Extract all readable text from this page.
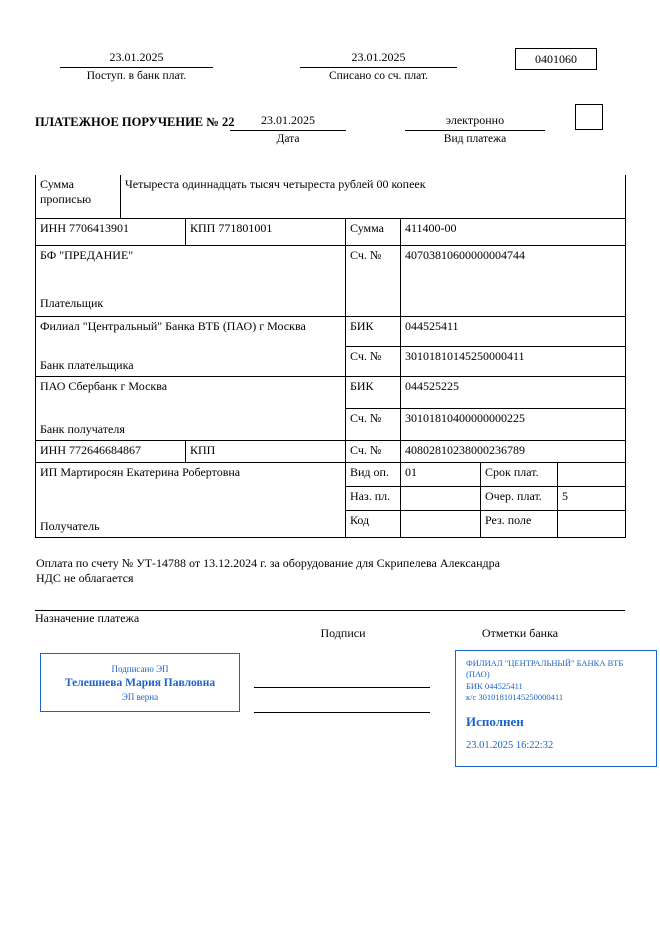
23.01.2025
Поступ. в банк плат.
23.01.2025
Списано со сч. плат.
0401060
ПЛАТЕЖНОЕ ПОРУЧЕНИЕ № 22	23.01.2025
Дата
электронно
Вид платежа
Сумма прописью	Четыреста одиннадцать тысяч четыреста рублей 00 копеек					
ИНН 7706413901		КПП 771801001	Сумма	411400-00		

БФ "ПРЕДАНИЕ"
Плательщик			Сч. №	40703810600000004744		

Филиал "Центральный" Банка ВТБ (ПАО) г Москва
Банк плательщика			БИК	044525411		
			Сч. №	30101810145250000411		

ПАО Сбербанк г Москва
Банк получателя			БИК	044525225		
			Сч. №	30101810400000000225		
ИНН 772646684867		КПП	Сч. №	40802810238000236789		

ИП Мартиросян Екатерина Робертовна
Получатель			Вид оп.	01	Срок плат.	
			Наз. пл.		Очер. плат.	5
			Код		Рез. поле	
Оплата по счету № УТ-14788 от 13.12.2024 г. за оборудование для Скрипелева Александра
НДС не облагается
Назначение платежа
Подписи	Отметки банка
Подписано ЭП
Телешнева Мария Павловна
ЭП верна
ФИЛИАЛ "ЦЕНТРАЛЬНЫЙ" БАНКА ВТБ (ПАО)
БИК 044525411
к/с 30101810145250000411
Исполнен
23.01.2025 16:22:32
